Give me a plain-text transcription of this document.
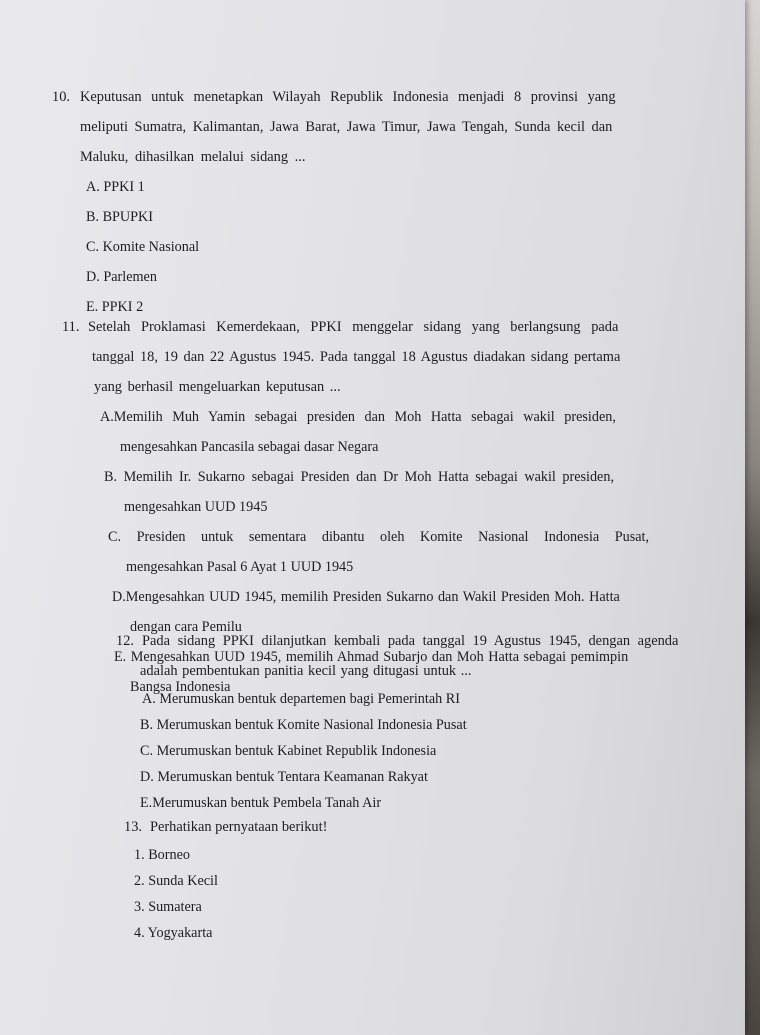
10. Keputusan untuk menetapkan Wilayah Republik Indonesia menjadi 8 provinsi yang
meliputi Sumatra, Kalimantan, Jawa Barat, Jawa Timur, Jawa Tengah, Sunda kecil dan
Maluku, dihasilkan melalui sidang ...
A. PPKI 1
B. BPUPKI
C. Komite Nasional
D. Parlemen
E. PPKI 2
11. Setelah Proklamasi Kemerdekaan, PPKI menggelar sidang yang berlangsung pada
tanggal 18, 19 dan 22 Agustus 1945. Pada tanggal 18 Agustus diadakan sidang pertama
yang berhasil mengeluarkan keputusan ...
A.Memilih Muh Yamin sebagai presiden dan Moh Hatta sebagai wakil presiden,
mengesahkan Pancasila sebagai dasar Negara
B. Memilih Ir. Sukarno sebagai Presiden dan Dr Moh Hatta sebagai wakil presiden,
mengesahkan UUD 1945
C. Presiden untuk sementara dibantu oleh Komite Nasional Indonesia Pusat,
mengesahkan Pasal 6 Ayat 1 UUD 1945
D.Mengesahkan UUD 1945, memilih Presiden Sukarno dan Wakil Presiden Moh. Hatta
dengan cara Pemilu
E. Mengesahkan UUD 1945, memilih Ahmad Subarjo dan Moh Hatta sebagai pemimpin
Bangsa Indonesia
12. Pada sidang PPKI dilanjutkan kembali pada tanggal 19 Agustus 1945, dengan agenda
adalah pembentukan panitia kecil yang ditugasi untuk ...
A. Merumuskan bentuk departemen bagi Pemerintah RI
B. Merumuskan bentuk Komite Nasional Indonesia Pusat
C. Merumuskan bentuk Kabinet Republik Indonesia
D. Merumuskan bentuk Tentara Keamanan Rakyat
E.Merumuskan bentuk Pembela Tanah Air
13. Perhatikan pernyataan berikut!
1. Borneo
2. Sunda Kecil
3. Sumatera
4. Yogyakarta
